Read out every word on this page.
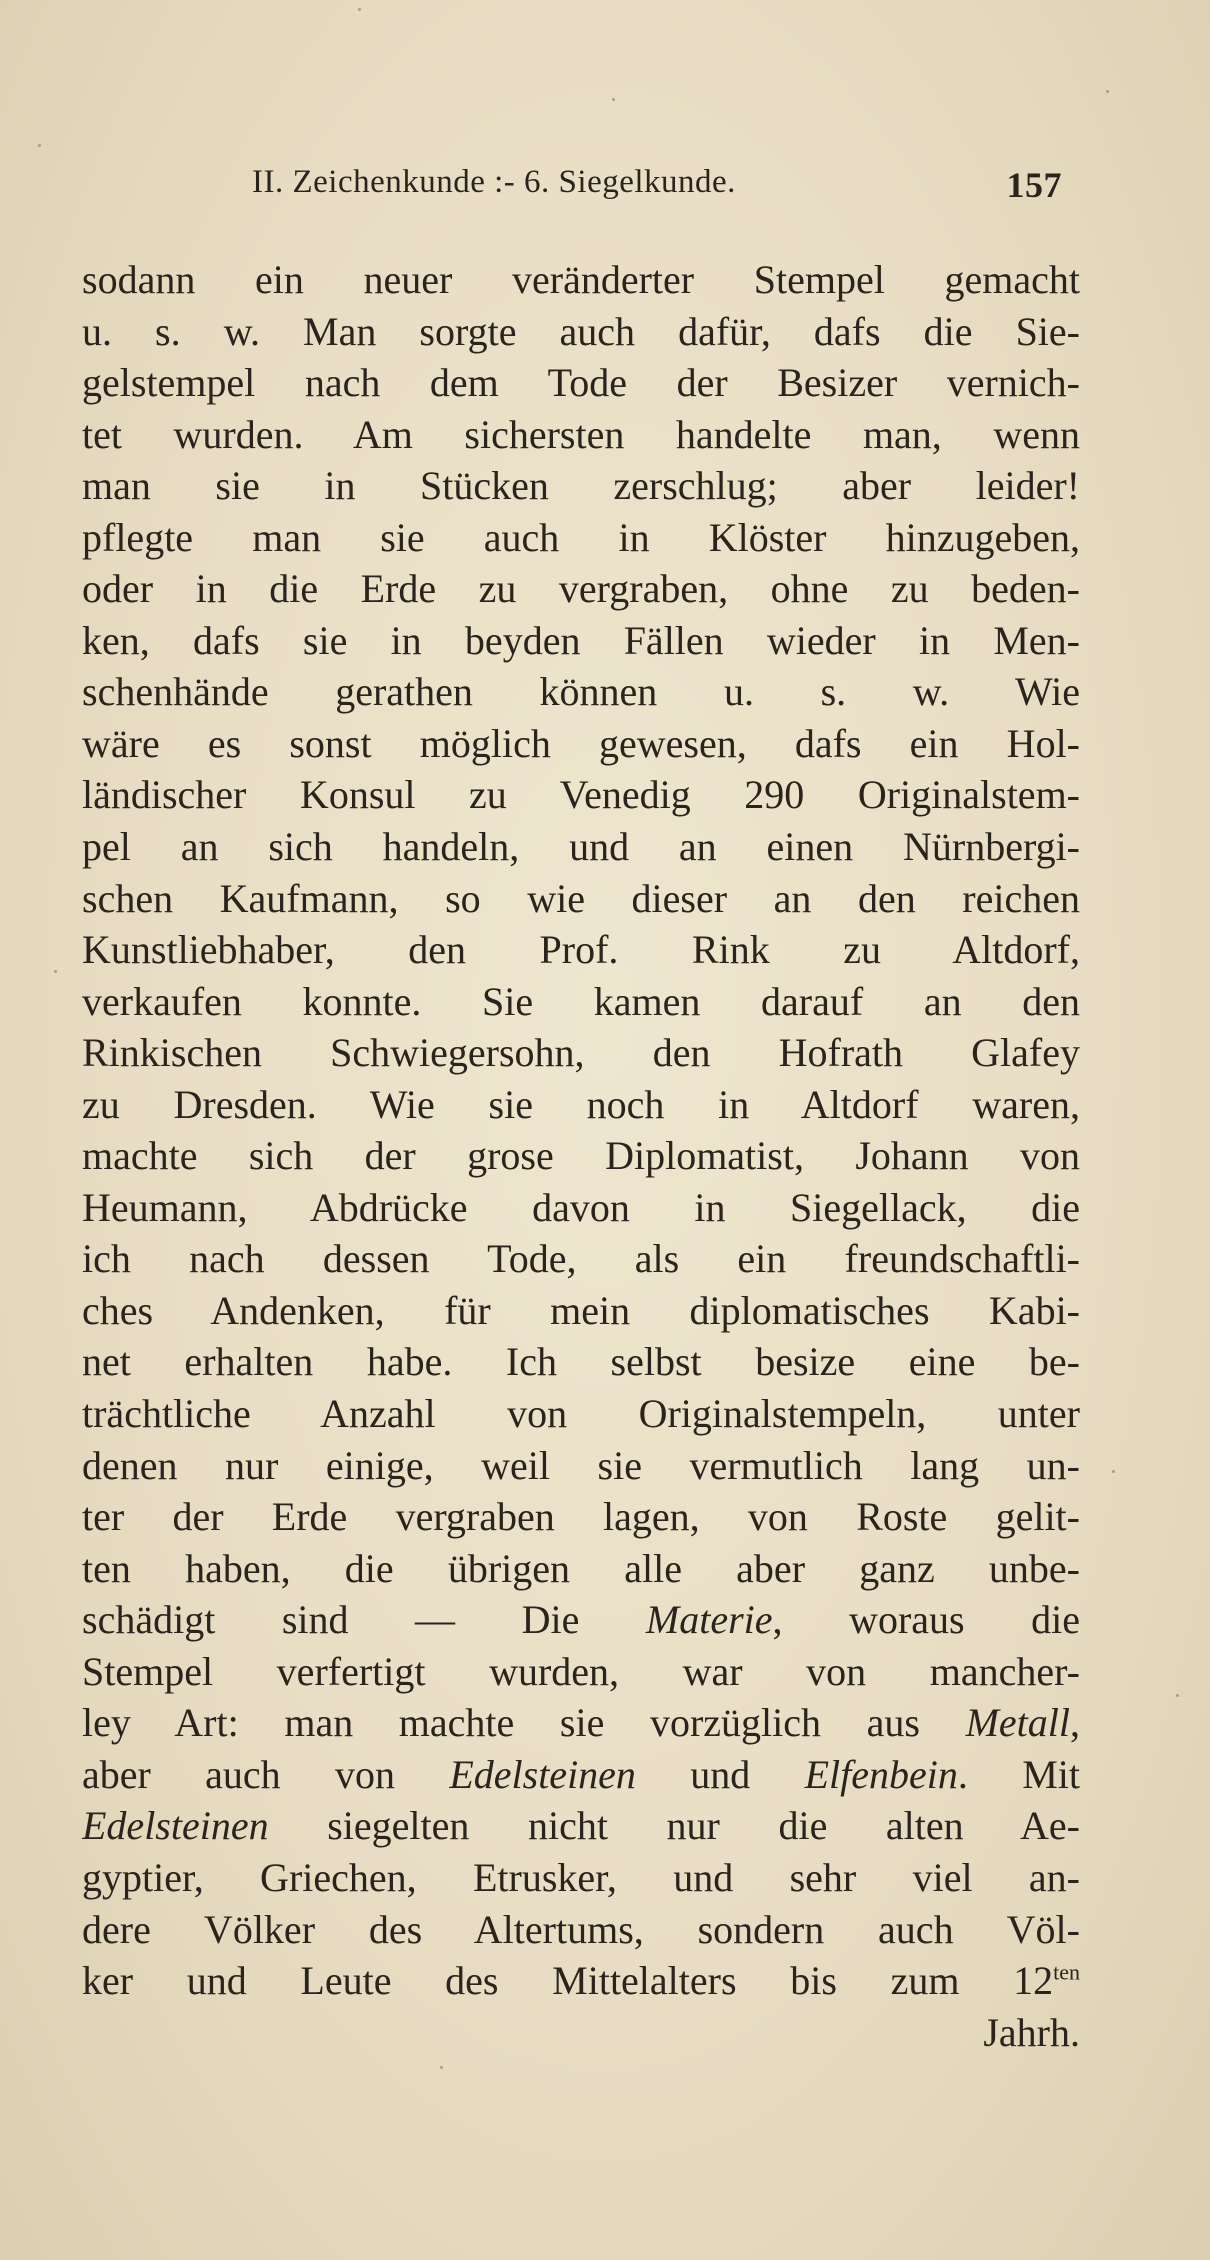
II. Zeichenkunde :- 6. Siegelkunde.	157
sodann ein neuer veränderter Stempel gemacht
u. s. w. Man sorgte auch dafür, dafs die Sie-
gelstempel nach dem Tode der Besizer vernich-
tet wurden. Am sichersten handelte man, wenn
man sie in Stücken zerschlug; aber leider!
pflegte man sie auch in Klöster hinzugeben,
oder in die Erde zu vergraben, ohne zu beden-
ken, dafs sie in beyden Fällen wieder in Men-
schenhände gerathen können u. s. w. Wie
wäre es sonst möglich gewesen, dafs ein Hol-
ländischer Konsul zu Venedig 290 Originalstem-
pel an sich handeln, und an einen Nürnbergi-
schen Kaufmann, so wie dieser an den reichen
Kunstliebhaber, den Prof. Rink zu Altdorf,
verkaufen konnte. Sie kamen darauf an den
Rinkischen Schwiegersohn, den Hofrath Glafey
zu Dresden. Wie sie noch in Altdorf waren,
machte sich der grose Diplomatist, Johann von
Heumann, Abdrücke davon in Siegellack, die
ich nach dessen Tode, als ein freundschaftli-
ches Andenken, für mein diplomatisches Kabi-
net erhalten habe. Ich selbst besize eine be-
trächtliche Anzahl von Originalstempeln, unter
denen nur einige, weil sie vermutlich lang un-
ter der Erde vergraben lagen, von Roste gelit-
ten haben, die übrigen alle aber ganz unbe-
schädigt sind — Die Materie, woraus die
Stempel verfertigt wurden, war von mancher-
ley Art: man machte sie vorzüglich aus Metall,
aber auch von Edelsteinen und Elfenbein. Mit
Edelsteinen siegelten nicht nur die alten Ae-
gyptier, Griechen, Etrusker, und sehr viel an-
dere Völker des Altertums, sondern auch Völ-
ker und Leute des Mittelalters bis zum $12^{ten}$
Jahrh.
